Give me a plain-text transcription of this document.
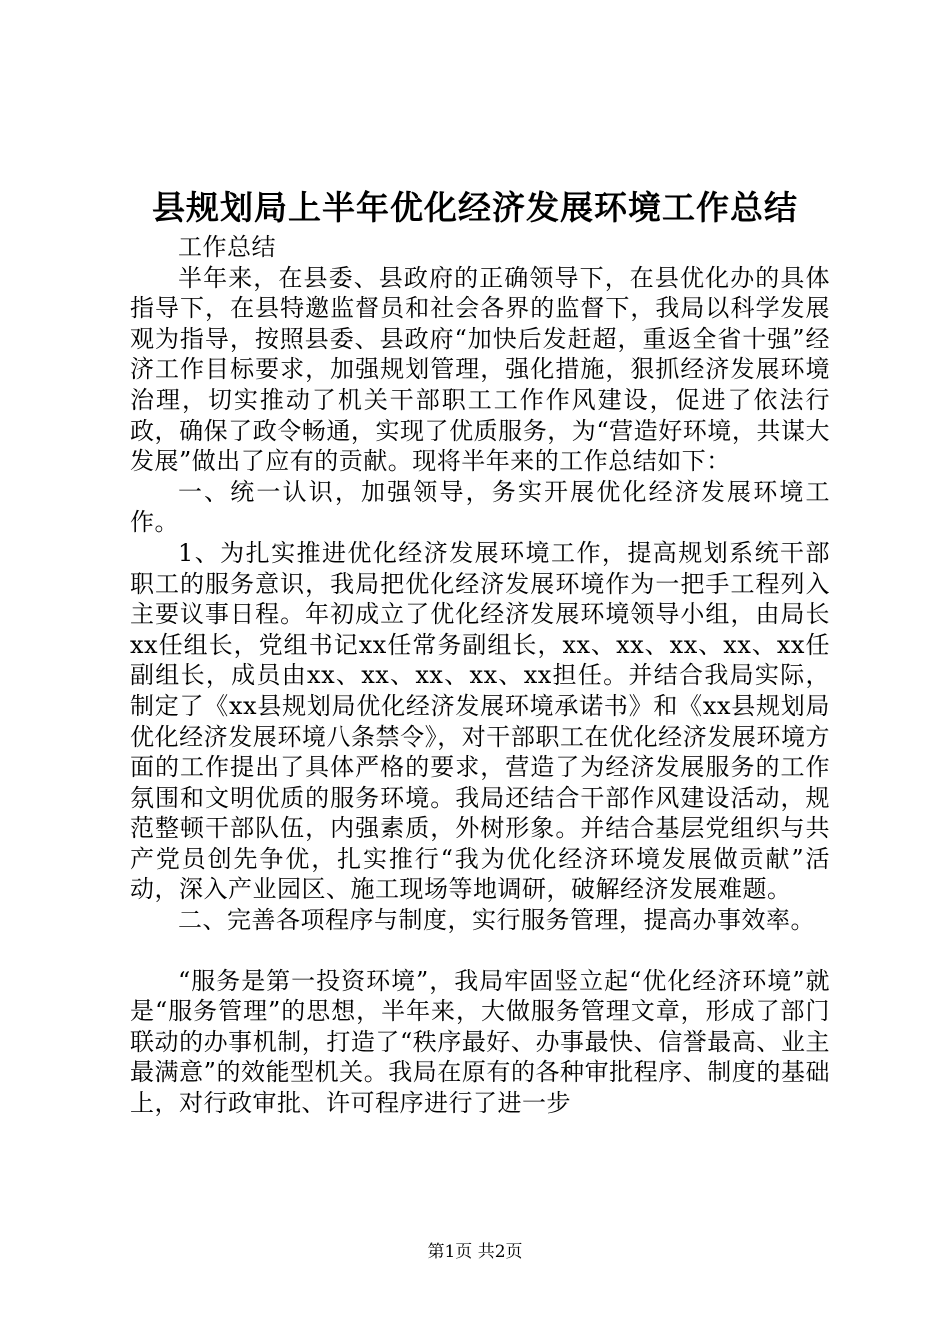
县规划局上半年优化经济发展环境工作总结

工作总结

半年来，在县委、县政府的正确领导下，在县优化办的具体指导下，在县特邀监督员和社会各界的监督下，我局以科学发展观为指导，按照县委、县政府“加快后发赶超，重返全省十强”经济工作目标要求，加强规划管理，强化措施，狠抓经济发展环境治理，切实推动了机关干部职工工作作风建设，促进了依法行政，确保了政令畅通，实现了优质服务，为“营造好环境，共谋大发展”做出了应有的贡献。现将半年来的工作总结如下：

一、统一认识，加强领导，务实开展优化经济发展环境工作。

1、为扎实推进优化经济发展环境工作，提高规划系统干部职工的服务意识，我局把优化经济发展环境作为一把手工程列入主要议事日程。年初成立了优化经济发展环境领导小组，由局长xx任组长，党组书记xx任常务副组长，xx、xx、xx、xx、xx任副组长，成员由xx、xx、xx、xx、xx担任。并结合我局实际，制定了《xx县规划局优化经济发展环境承诺书》和《xx县规划局优化经济发展环境八条禁令》，对干部职工在优化经济发展环境方面的工作提出了具体严格的要求，营造了为经济发展服务的工作氛围和文明优质的服务环境。我局还结合干部作风建设活动，规范整顿干部队伍，内强素质，外树形象。并结合基层党组织与共产党员创先争优，扎实推行“我为优化经济环境发展做贡献”活动，深入产业园区、施工现场等地调研，破解经济发展难题。

二、完善各项程序与制度，实行服务管理，提高办事效率。

“服务是第一投资环境”，我局牢固竖立起“优化经济环境”就是“服务管理”的思想，半年来，大做服务管理文章，形成了部门联动的办事机制，打造了“秩序最好、办事最快、信誉最高、业主最满意”的效能型机关。我局在原有的各种审批程序、制度的基础上，对行政审批、许可程序进行了进一步

第1页 共2页
